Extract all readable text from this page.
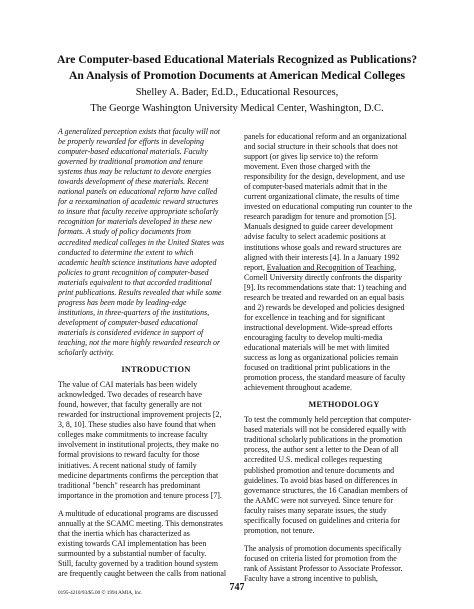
Are Computer-based Educational Materials Recognized as Publications?
An Analysis of Promotion Documents at American Medical Colleges
Shelley A. Bader, Ed.D., Educational Resources,
The George Washington University Medical Center, Washington, D.C.
A generalized perception exists that faculty will not
be properly rewarded for efforts in developing
computer-based educational materials. Faculty
governed by traditional promotion and tenure
systems thus may be reluctant to devote energies
towards development of these materials. Recent
national panels on educational reform have called
for a reexamination of academic reward structures
to insure that faculty receive appropriate scholarly
recognition for materials developed in these new
formats. A study of policy documents from
accredited medical colleges in the United States was
conducted to determine the extent to which
academic health science institutions have adopted
policies to grant recognition of computer-based
materials equivalent to that accorded traditional
print publications. Results revealed that while some
progress has been made by leading-edge
institutions, in three-quarters of the institutions,
development of computer-based educational
materials is considered evidence in support of
teaching, not the more highly rewarded research or
scholarly activity.
INTRODUCTION
The value of CAI materials has been widely
acknowledged. Two decades of research have
found, however, that faculty generally are not
rewarded for instructional improvement projects [2,
3, 8, 10]. These studies also have found that when
colleges make commitments to increase faculty
involvement in institutional projects, they make no
formal provisions to reward faculty for those
initiatives. A recent national study of family
medicine departments confirms the perception that
traditional "bench" research has predominant
importance in the promotion and tenure process [7].
A multitude of educational programs are discussed
annually at the SCAMC meeting. This demonstrates
that the inertia which has characterized as
existing towards CAI implementation has been
surmounted by a substantial number of faculty.
Still, faculty governed by a tradition bound system
are frequently caught between the calls from national
panels for educational reform and an organizational
and social structure in their schools that does not
support (or gives lip service to) the reform
movement. Even those charged with the
responsibility for the design, development, and use
of computer-based materials admit that in the
current organizational climate, the results of time
invested on educational computing run counter to the
research paradigm for tenure and promotion [5].
Manuals designed to guide career development
advise faculty to select academic positions at
institutions whose goals and reward structures are
aligned with their interests [4]. In a January 1992
report, Evaluation and Recognition of Teaching,
Cornell University directly confronts the disparity
[9]. Its recommendations state that: 1) teaching and
research be treated and rewarded on an equal basis
and 2) rewards be developed and policies designed
for excellence in teaching and for significant
instructional development. Wide-spread efforts
encouraging faculty to develop multi-media
educational materials will be met with limited
success as long as organizational policies remain
focused on traditional print publications in the
promotion process, the standard measure of faculty
achievement throughout academe.
METHODOLOGY
To test the commonly held perception that computer-
based materials will not be considered equally with
traditional scholarly publications in the promotion
process, the author sent a letter to the Dean of all
accredited U.S. medical colleges requesting
published promotion and tenure documents and
guidelines. To avoid bias based on differences in
governance structures, the 16 Canadian members of
the AAMC were not surveyed. Since tenure for
faculty raises many separate issues, the study
specifically focused on guidelines and criteria for
promotion, not tenure.
The analysis of promotion documents specifically
focused on criteria listed for promotion from the
rank of Assistant Professor to Associate Professor.
Faculty have a strong incentive to publish,
0195-4210/93/$5.00 © 1994 AMIA, Inc.	747
